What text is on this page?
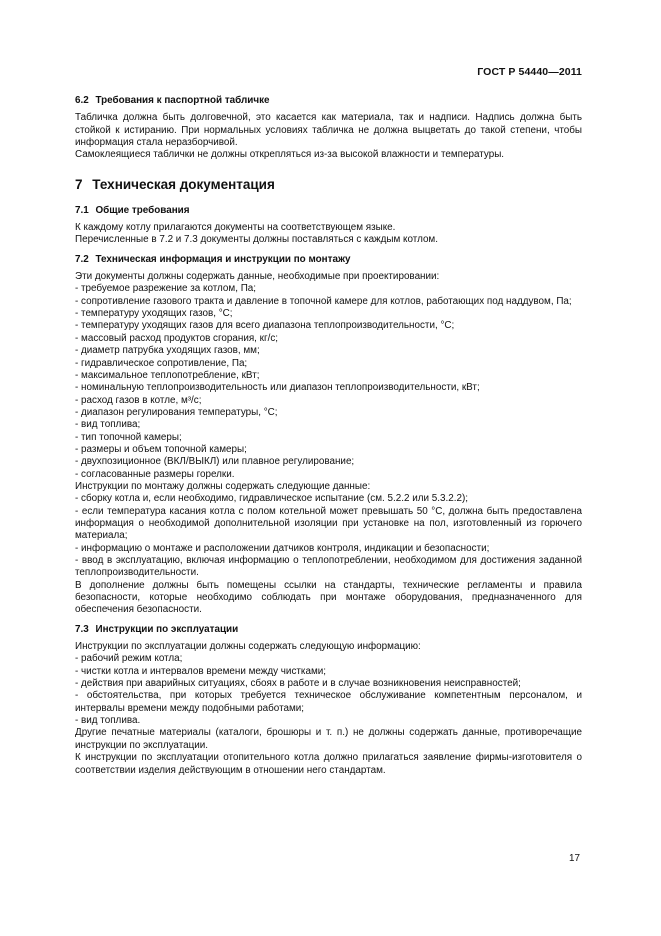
ГОСТ Р 54440—2011
6.2 Требования к паспортной табличке

Табличка должна быть долговечной, это касается как материала, так и надписи. Надпись должна быть стойкой к истиранию. При нормальных условиях табличка не должна выцветать до такой степени, чтобы информация стала неразборчивой.

Самоклеящиеся таблички не должны открепляться из-за высокой влажности и температуры.

7 Техническая документация
7.1 Общие требования

К каждому котлу прилагаются документы на соответствующем языке.

Перечисленные в 7.2 и 7.3 документы должны поставляться с каждым котлом.

7.2 Техническая информация и инструкции по монтажу

Эти документы должны содержать данные, необходимые при проектировании:

- требуемое разрежение за котлом, Па;

- сопротивление газового тракта и давление в топочной камере для котлов, работающих под наддувом, Па;

- температуру уходящих газов, °С;

- температуру уходящих газов для всего диапазона теплопроизводительности, °С;

- массовый расход продуктов сгорания, кг/с;

- диаметр патрубка уходящих газов, мм;

- гидравлическое сопротивление, Па;

- максимальное теплопотребление, кВт;

- номинальную теплопроизводительность или диапазон теплопроизводительности, кВт;

- расход газов в котле, м³/с;

- диапазон регулирования температуры, °С;

- вид топлива;

- тип топочной камеры;

- размеры и объем топочной камеры;

- двухпозиционное (ВКЛ/ВЫКЛ) или плавное регулирование;

- согласованные размеры горелки.

Инструкции по монтажу должны содержать следующие данные:

- сборку котла и, если необходимо, гидравлическое испытание (см. 5.2.2 или 5.3.2.2);

- если температура касания котла с полом котельной может превышать 50 °С, должна быть предоставлена информация о необходимой дополнительной изоляции при установке на пол, изготовленный из горючего материала;

- информацию о монтаже и расположении датчиков контроля, индикации и безопасности;

- ввод в эксплуатацию, включая информацию о теплопотреблении, необходимом для достижения заданной теплопроизводительности.

В дополнение должны быть помещены ссылки на стандарты, технические регламенты и правила безопасности, которые необходимо соблюдать при монтаже оборудования, предназначенного для обеспечения безопасности.

7.3 Инструкции по эксплуатации

Инструкции по эксплуатации должны содержать следующую информацию:

- рабочий режим котла;

- чистки котла и интервалов времени между чистками;

- действия при аварийных ситуациях, сбоях в работе и в случае возникновения неисправностей;

- обстоятельства, при которых требуется техническое обслуживание компетентным персоналом, и интервалы времени между подобными работами;

- вид топлива.

Другие печатные материалы (каталоги, брошюры и т. п.) не должны содержать данные, противоречащие инструкции по эксплуатации.

К инструкции по эксплуатации отопительного котла должно прилагаться заявление фирмы-изготовителя о соответствии изделия действующим в отношении него стандартам.

17
